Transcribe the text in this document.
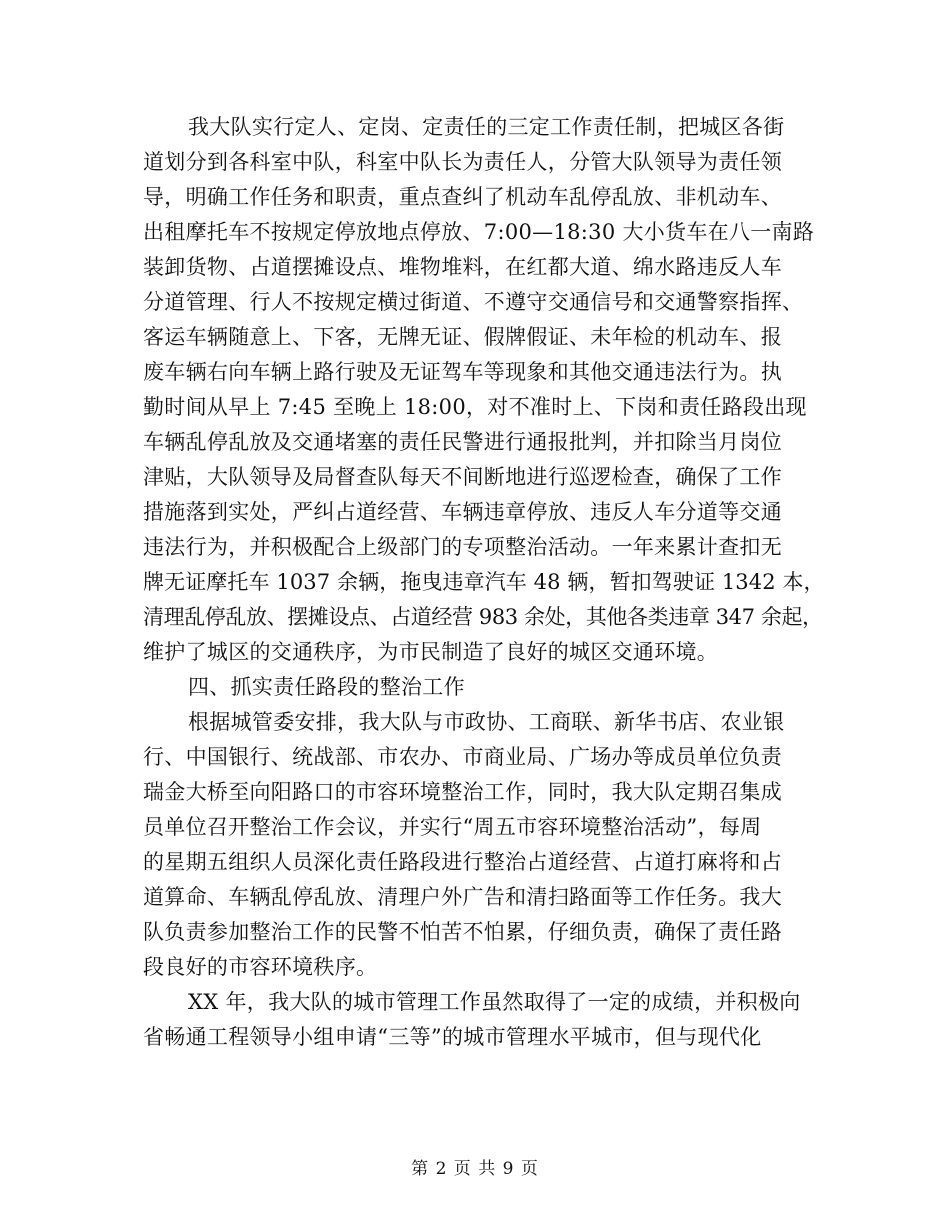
我大队实行定人、定岗、定责任的三定工作责任制，把城区各街
道划分到各科室中队，科室中队长为责任人，分管大队领导为责任领
导，明确工作任务和职责，重点查纠了机动车乱停乱放、非机动车、
出租摩托车不按规定停放地点停放、7:00—18:30 大小货车在八一南路
装卸货物、占道摆摊设点、堆物堆料，在红都大道、绵水路违反人车
分道管理、行人不按规定横过街道、不遵守交通信号和交通警察指挥、
客运车辆随意上、下客，无牌无证、假牌假证、未年检的机动车、报
废车辆右向车辆上路行驶及无证驾车等现象和其他交通违法行为。执
勤时间从早上 7:45 至晚上 18:00，对不准时上、下岗和责任路段出现
车辆乱停乱放及交通堵塞的责任民警进行通报批判，并扣除当月岗位
津贴，大队领导及局督查队每天不间断地进行巡逻检查，确保了工作
措施落到实处，严纠占道经营、车辆违章停放、违反人车分道等交通
违法行为，并积极配合上级部门的专项整治活动。一年来累计查扣无
牌无证摩托车 1037 余辆，拖曳违章汽车 48 辆，暂扣驾驶证 1342 本，
清理乱停乱放、摆摊设点、占道经营 983 余处，其他各类违章 347 余起，
维护了城区的交通秩序，为市民制造了良好的城区交通环境。
四、抓实责任路段的整治工作
根据城管委安排，我大队与市政协、工商联、新华书店、农业银
行、中国银行、统战部、市农办、市商业局、广场办等成员单位负责
瑞金大桥至向阳路口的市容环境整治工作，同时，我大队定期召集成
员单位召开整治工作会议，并实行“周五市容环境整治活动”，每周
的星期五组织人员深化责任路段进行整治占道经营、占道打麻将和占
道算命、车辆乱停乱放、清理户外广告和清扫路面等工作任务。我大
队负责参加整治工作的民警不怕苦不怕累，仔细负责，确保了责任路
段良好的市容环境秩序。
XX 年，我大队的城市管理工作虽然取得了一定的成绩，并积极向
省畅通工程领导小组申请“三等”的城市管理水平城市，但与现代化
第 2 页 共 9 页
